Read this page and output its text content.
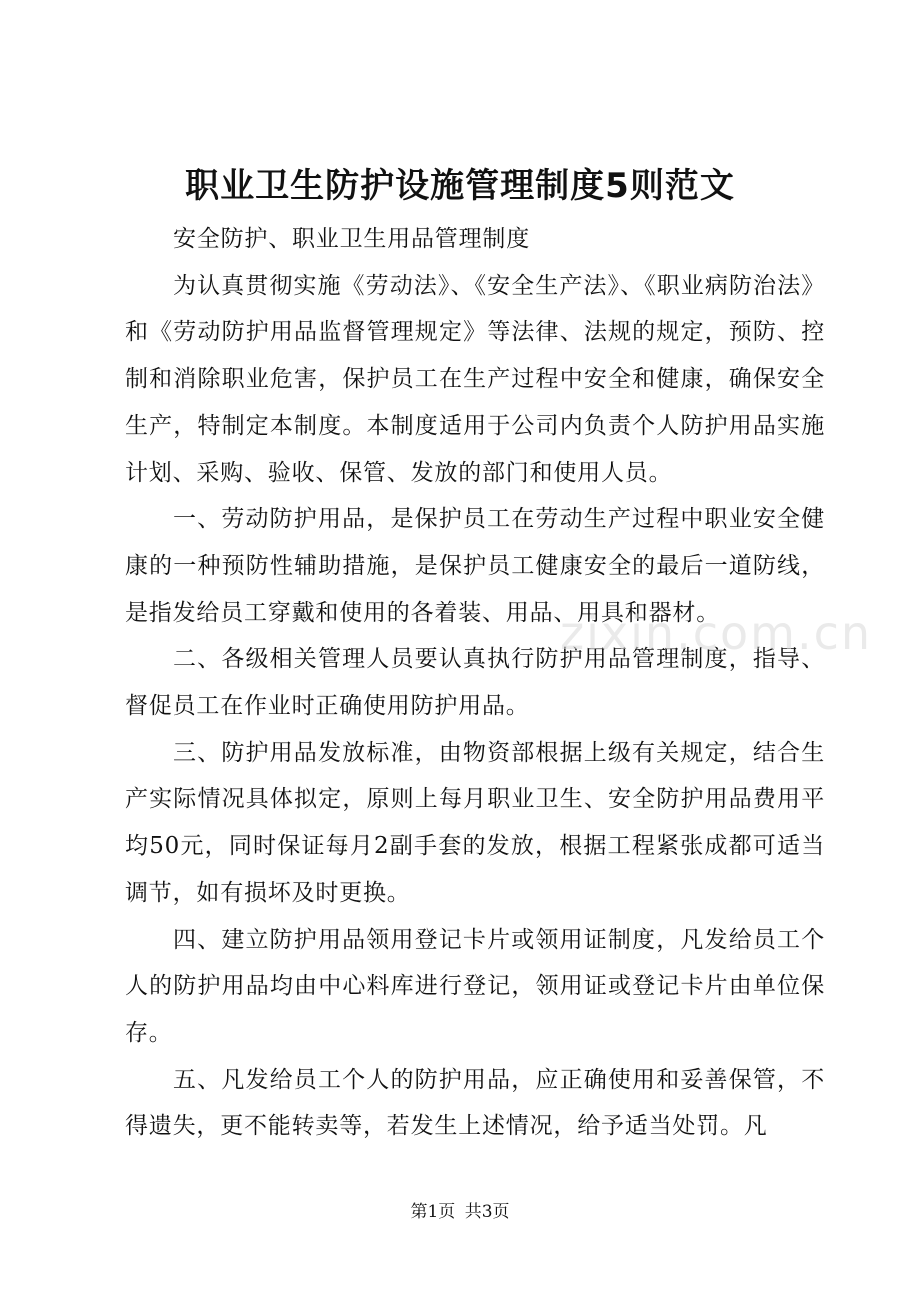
职业卫生防护设施管理制度5则范文

安全防护、职业卫生用品管理制度

为认真贯彻实施《劳动法》、《安全生产法》、《职业病防治法》和《劳动防护用品监督管理规定》等法律、法规的规定，预防、控制和消除职业危害，保护员工在生产过程中安全和健康，确保安全生产，特制定本制度。本制度适用于公司内负责个人防护用品实施计划、采购、验收、保管、发放的部门和使用人员。

一、劳动防护用品，是保护员工在劳动生产过程中职业安全健康的一种预防性辅助措施，是保护员工健康安全的最后一道防线，是指发给员工穿戴和使用的各着装、用品、用具和器材。

二、各级相关管理人员要认真执行防护用品管理制度，指导、督促员工在作业时正确使用防护用品。

三、防护用品发放标准，由物资部根据上级有关规定，结合生产实际情况具体拟定，原则上每月职业卫生、安全防护用品费用平均50元，同时保证每月2副手套的发放，根据工程紧张成都可适当调节，如有损坏及时更换。

四、建立防护用品领用登记卡片或领用证制度，凡发给员工个人的防护用品均由中心料库进行登记，领用证或登记卡片由单位保存。

五、凡发给员工个人的防护用品，应正确使用和妥善保管，不得遗失，更不能转卖等，若发生上述情况，给予适当处罚。凡

zixin.com.cn
第1页 共3页
